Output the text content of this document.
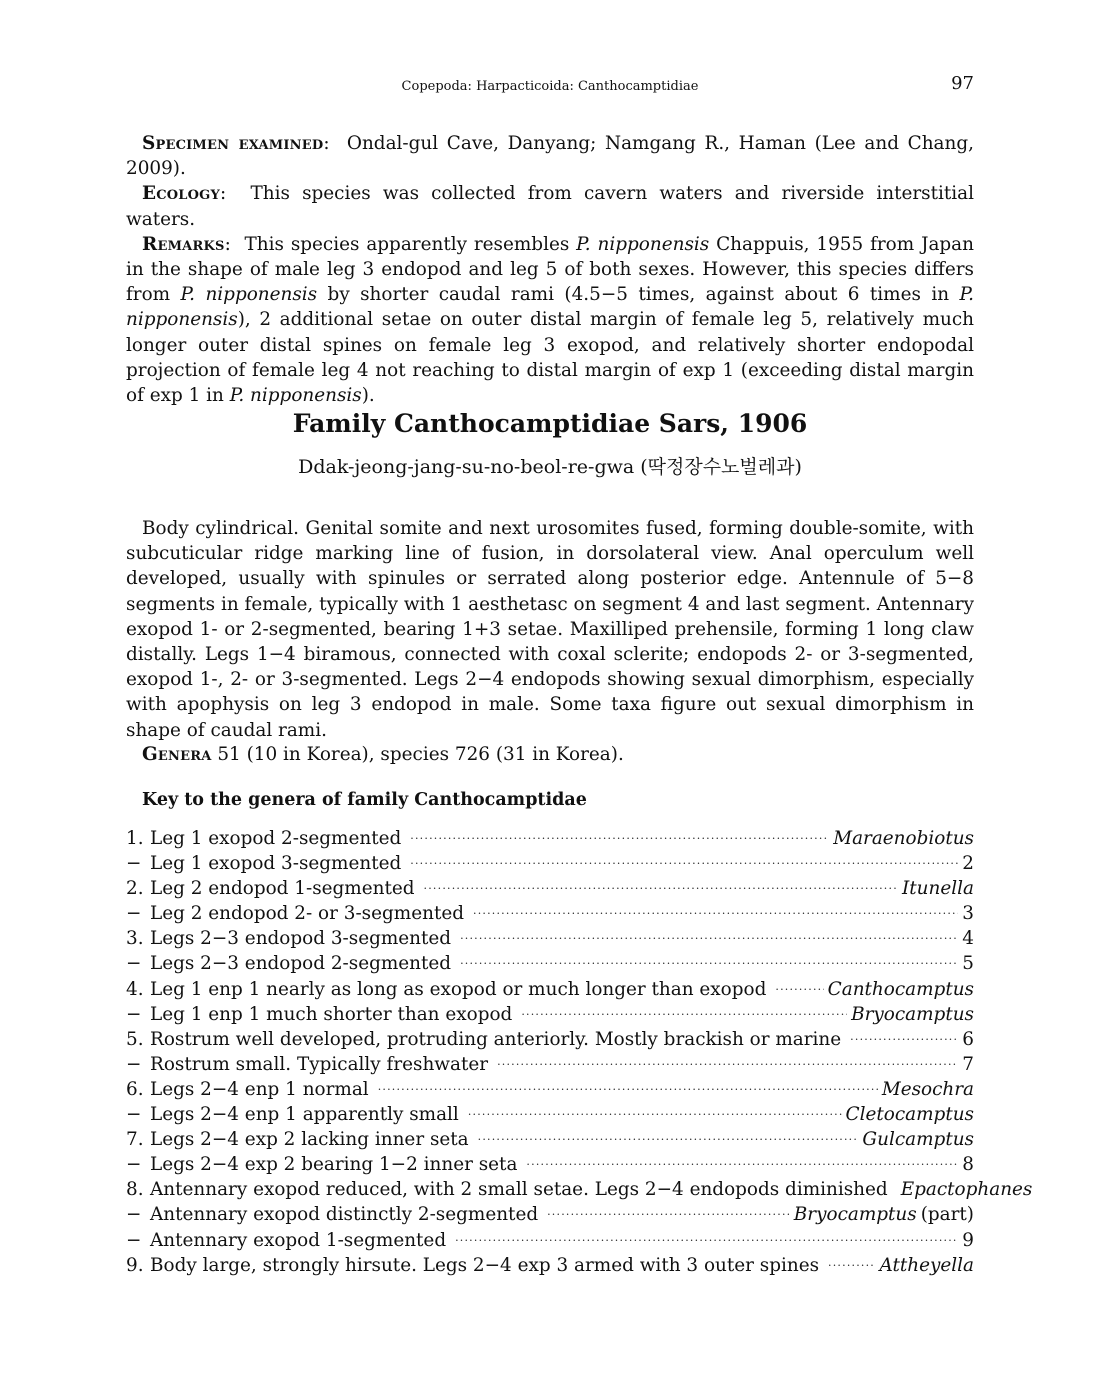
Copepoda: Harpacticoida: Canthocamptidiae	97

Specimen examined:  Ondal-gul Cave, Danyang; Namgang R., Haman (Lee and Chang, 2009).

Ecology:  This species was collected from cavern waters and riverside interstitial waters.

Remarks:  This species apparently resembles P. nipponensis Chappuis, 1955 from Japan in the shape of male leg 3 endopod and leg 5 of both sexes. However, this species differs from P. nipponensis by shorter caudal rami (4.5−5 times, against about 6 times in P. nipponensis), 2 additional setae on outer distal margin of female leg 5, relatively much longer outer distal spines on female leg 3 exopod, and relatively shorter endopodal projection of female leg 4 not reaching to distal margin of exp 1 (exceeding distal margin of exp 1 in P. nipponensis).

Family Canthocamptidiae Sars, 1906

Ddak-jeong-jang-su-no-beol-re-gwa (딱정장수노벌레과)

Body cylindrical. Genital somite and next urosomites fused, forming double-somite, with subcuticular ridge marking line of fusion, in dorsolateral view. Anal operculum well developed, usually with spinules or serrated along posterior edge. Antennule of 5−8 segments in female, typically with 1 aesthetasc on segment 4 and last segment. Antennary exopod 1- or 2-segmented, bearing 1+3 setae. Maxilliped prehensile, forming 1 long claw distally. Legs 1−4 biramous, connected with coxal sclerite; endopods 2- or 3-segmented, exopod 1-, 2- or 3-segmented. Legs 2−4 endopods showing sexual dimorphism, especially with apophysis on leg 3 endopod in male. Some taxa figure out sexual dimorphism in shape of caudal rami.

Genera 51 (10 in Korea), species 726 (31 in Korea).

Key to the genera of family Canthocamptidae
1. Leg 1 exopod 2-segmented ·····	Maraenobiotus
− Leg 1 exopod 3-segmented ·····	2
2. Leg 2 endopod 1-segmented ·····	Itunella
− Leg 2 endopod 2- or 3-segmented ·····	3
3. Legs 2−3 endopod 3-segmented ·····	4
− Legs 2−3 endopod 2-segmented ·····	5
4. Leg 1 enp 1 nearly as long as exopod or much longer than exopod ·····	Canthocamptus
− Leg 1 enp 1 much shorter than exopod ·····	Bryocamptus
5. Rostrum well developed, protruding anteriorly. Mostly brackish or marine ·····	6
− Rostrum small. Typically freshwater ·····	7
6. Legs 2−4 enp 1 normal ·····	Mesochra
− Legs 2−4 enp 1 apparently small ·····	Cletocamptus
7. Legs 2−4 exp 2 lacking inner seta ·····	Gulcamptus
− Legs 2−4 exp 2 bearing 1−2 inner seta ·····	8
8. Antennary exopod reduced, with 2 small setae. Legs 2−4 endopods diminished Epactophanes
− Antennary exopod distinctly 2-segmented ·····	Bryocamptus (part)
− Antennary exopod 1-segmented ·····	9
9. Body large, strongly hirsute. Legs 2−4 exp 3 armed with 3 outer spines ·····	Attheyella
